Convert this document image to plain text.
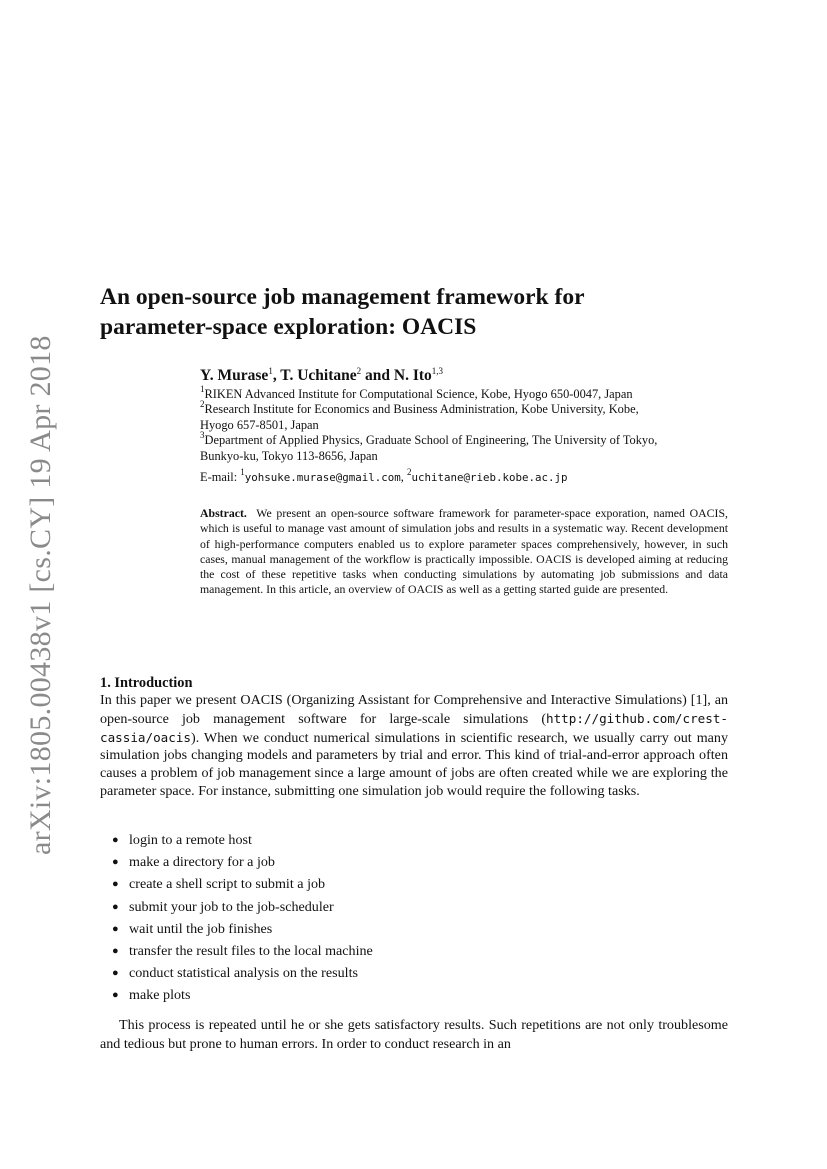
arXiv:1805.00438v1 [cs.CY] 19 Apr 2018
An open-source job management framework for
parameter-space exploration: OACIS
Y. Murase$^1$, T. Uchitane$^2$ and N. Ito$^{1,3}$
$^1$RIKEN Advanced Institute for Computational Science, Kobe, Hyogo 650-0047, Japan
$^2$Research Institute for Economics and Business Administration, Kobe University, Kobe,
Hyogo 657-8501, Japan
$^3$Department of Applied Physics, Graduate School of Engineering, The University of Tokyo,
Bunkyo-ku, Tokyo 113-8656, Japan
E-mail: $^1$yohsuke.murase@gmail.com, $^2$uchitane@rieb.kobe.ac.jp

Abstract. We present an open-source software framework for parameter-space exporation, named OACIS, which is useful to manage vast amount of simulation jobs and results in a systematic way. Recent development of high-performance computers enabled us to explore parameter spaces comprehensively, however, in such cases, manual management of the workflow is practically impossible. OACIS is developed aiming at reducing the cost of these repetitive tasks when conducting simulations by automating job submissions and data management. In this article, an overview of OACIS as well as a getting started guide are presented.

1. Introduction

In this paper we present OACIS (Organizing Assistant for Comprehensive and Interactive Simulations) [1], an open-source job management software for large-scale simulations (http://github.com/crest-cassia/oacis). When we conduct numerical simulations in scientific research, we usually carry out many simulation jobs changing models and parameters by trial and error. This kind of trial-and-error approach often causes a problem of job management since a large amount of jobs are often created while we are exploring the parameter space. For instance, submitting one simulation job would require the following tasks.

● login to a remote host
● make a directory for a job
● create a shell script to submit a job
● submit your job to the job-scheduler
● wait until the job finishes
● transfer the result files to the local machine
● conduct statistical analysis on the results
● make plots

This process is repeated until he or she gets satisfactory results. Such repetitions are not only troublesome and tedious but prone to human errors. In order to conduct research in an
